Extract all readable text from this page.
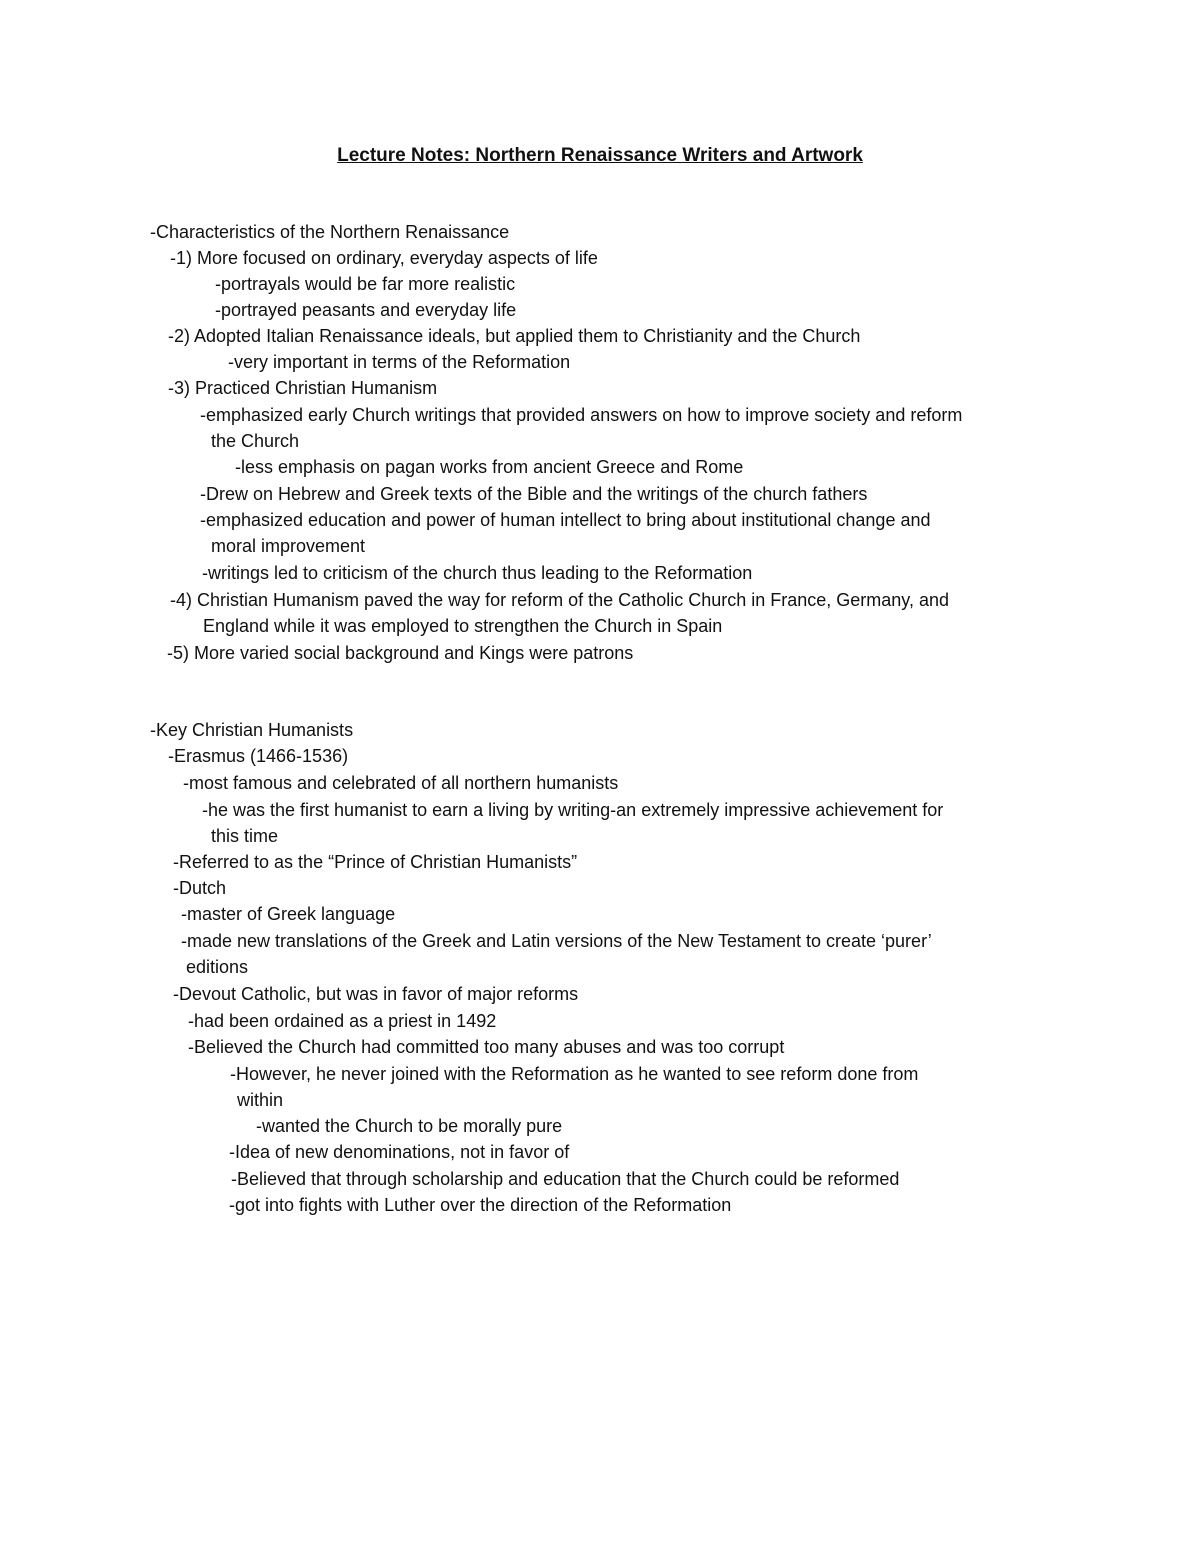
Lecture Notes: Northern Renaissance Writers and Artwork
-Characteristics of the Northern Renaissance
-1) More focused on ordinary, everyday aspects of life
-portrayals would be far more realistic
-portrayed peasants and everyday life
-2) Adopted Italian Renaissance ideals, but applied them to Christianity and the Church
-very important in terms of the Reformation
-3) Practiced Christian Humanism
-emphasized early Church writings that provided answers on how to improve society and reform
the Church
-less emphasis on pagan works from ancient Greece and Rome
-Drew on Hebrew and Greek texts of the Bible and the writings of the church fathers
-emphasized education and power of human intellect to bring about institutional change and
moral improvement
-writings led to criticism of the church thus leading to the Reformation
-4) Christian Humanism paved the way for reform of the Catholic Church in France, Germany, and
England while it was employed to strengthen the Church in Spain
-5) More varied social background and Kings were patrons
-Key Christian Humanists
-Erasmus (1466-1536)
-most famous and celebrated of all northern humanists
-he was the first humanist to earn a living by writing-an extremely impressive achievement for
this time
-Referred to as the “Prince of Christian Humanists”
-Dutch
-master of Greek language
-made new translations of the Greek and Latin versions of the New Testament to create ‘purer’
editions
-Devout Catholic, but was in favor of major reforms
-had been ordained as a priest in 1492
-Believed the Church had committed too many abuses and was too corrupt
-However, he never joined with the Reformation as he wanted to see reform done from
within
-wanted the Church to be morally pure
-Idea of new denominations, not in favor of
-Believed that through scholarship and education that the Church could be reformed
-got into fights with Luther over the direction of the Reformation
